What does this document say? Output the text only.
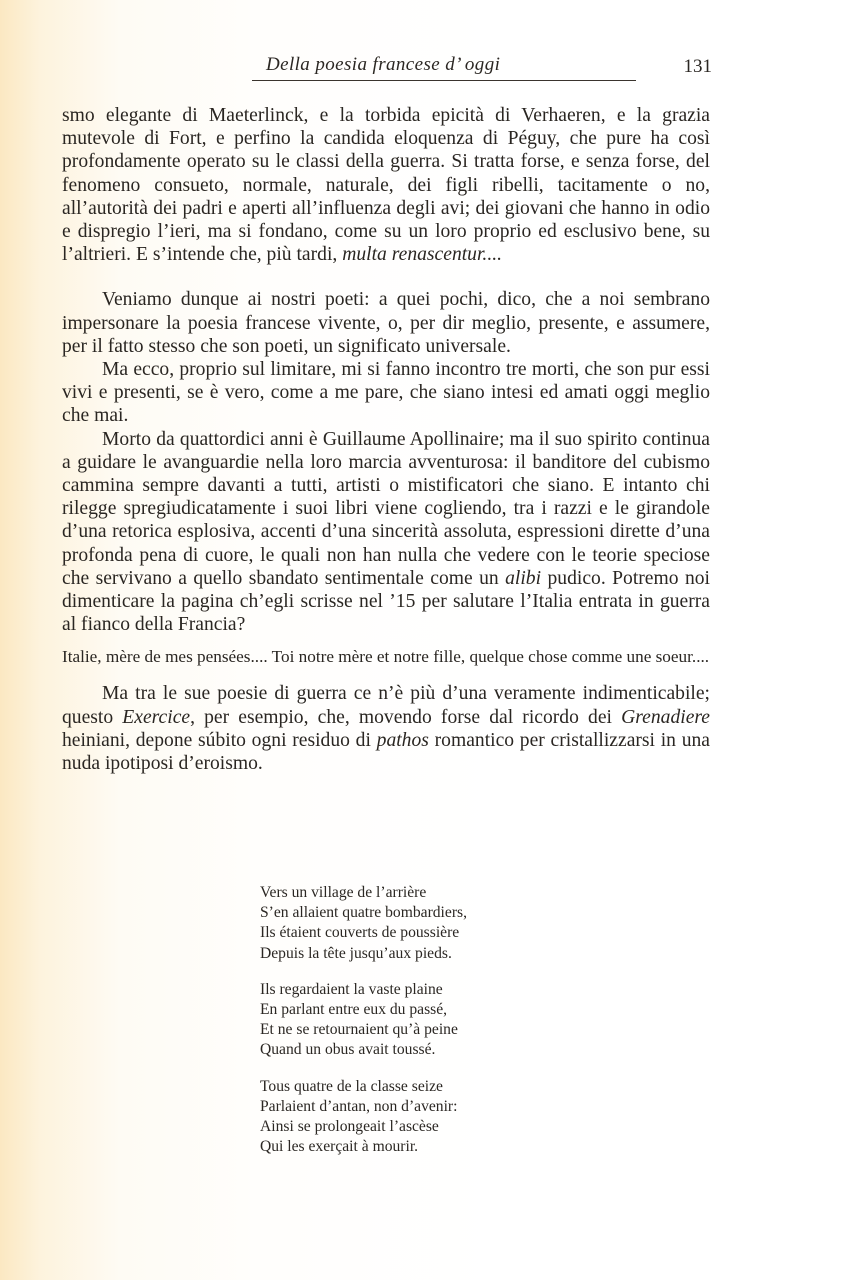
Della poesia francese d’ oggi	131

smo elegante di Maeterlinck, e la torbida epicità di Verhaeren, e la grazia mutevole di Fort, e perfino la candida eloquenza di Péguy, che pure ha così profondamente operato su le classi della guerra. Si tratta forse, e senza forse, del fenomeno consueto, normale, naturale, dei figli ribelli, tacitamente o no, all’autorità dei padri e aperti all’influenza degli avi; dei giovani che hanno in odio e dispregio l’ieri, ma si fondano, come su un loro proprio ed esclusivo bene, su l’altrieri. E s’intende che, più tardi, multa renascentur....

Veniamo dunque ai nostri poeti: a quei pochi, dico, che a noi sembrano impersonare la poesia francese vivente, o, per dir meglio, presente, e assumere, per il fatto stesso che son poeti, un significato universale.

Ma ecco, proprio sul limitare, mi si fanno incontro tre morti, che son pur essi vivi e presenti, se è vero, come a me pare, che siano intesi ed amati oggi meglio che mai.

Morto da quattordici anni è Guillaume Apollinaire; ma il suo spirito continua a guidare le avanguardie nella loro marcia avventurosa: il banditore del cubismo cammina sempre davanti a tutti, artisti o mistificatori che siano. E intanto chi rilegge spregiudicatamente i suoi libri viene cogliendo, tra i razzi e le girandole d’una retorica esplosiva, accenti d’una sincerità assoluta, espressioni dirette d’una profonda pena di cuore, le quali non han nulla che vedere con le teorie speciose che servivano a quello sbandato sentimentale come un alibi pudico. Potremo noi dimenticare la pagina ch’egli scrisse nel ’15 per salutare l’Italia entrata in guerra al fianco della Francia?

Italie, mère de mes pensées.... Toi notre mère et notre fille, quelque chose comme une soeur....

Ma tra le sue poesie di guerra ce n’è più d’una veramente indimenticabile; questo Exercice, per esempio, che, movendo forse dal ricordo dei Grenadiere heiniani, depone súbito ogni residuo di pathos romantico per cristallizzarsi in una nuda ipotiposi d’eroismo.

Vers un village de l’arrière
S’en allaient quatre bombardiers,
Ils étaient couverts de poussière
Depuis la tête jusqu’aux pieds.
Ils regardaient la vaste plaine
En parlant entre eux du passé,
Et ne se retournaient qu’à peine
Quand un obus avait toussé.
Tous quatre de la classe seize
Parlaient d’antan, non d’avenir:
Ainsi se prolongeait l’ascèse
Qui les exerçait à mourir.
